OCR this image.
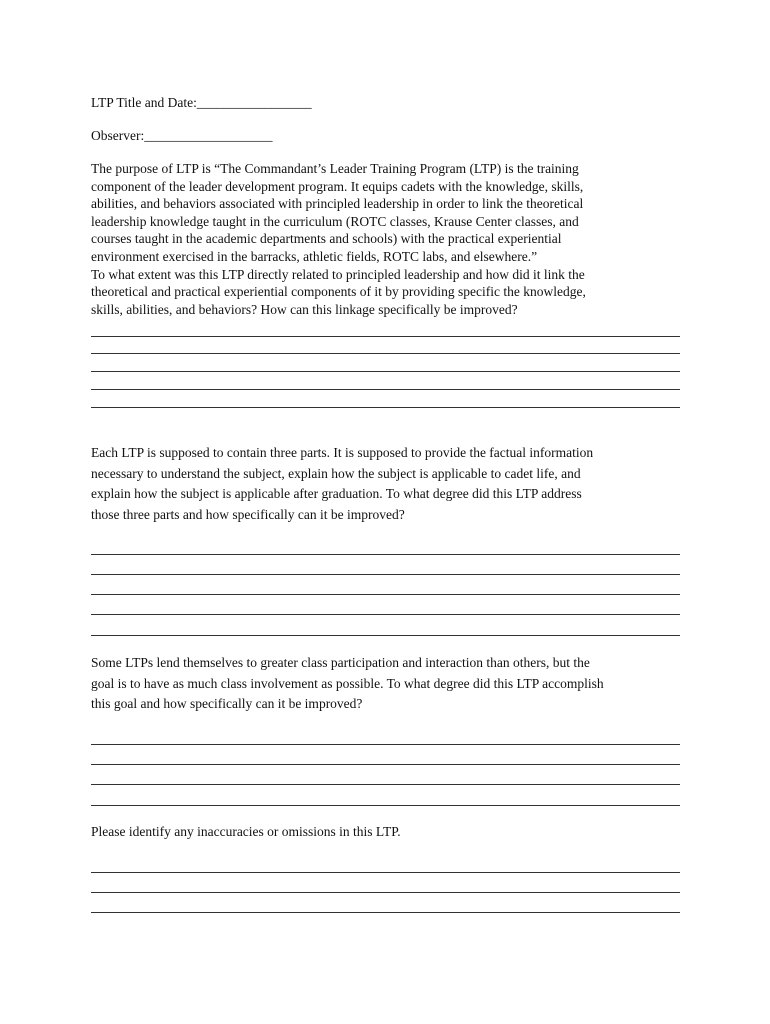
LTP Title and Date:_________________
Observer:___________________

The purpose of LTP is “The Commandant’s Leader Training Program (LTP) is the training

component of the leader development program. It equips cadets with the knowledge, skills,

abilities, and behaviors associated with principled leadership in order to link the theoretical

leadership knowledge taught in the curriculum (ROTC classes, Krause Center classes, and

courses taught in the academic departments and schools) with the practical experiential

environment exercised in the barracks, athletic fields, ROTC labs, and elsewhere.”

To what extent was this LTP directly related to principled leadership and how did it link the

theoretical and practical experiential components of it by providing specific the knowledge,

skills, abilities, and behaviors? How can this linkage specifically be improved?

Each LTP is supposed to contain three parts. It is supposed to provide the factual information

necessary to understand the subject, explain how the subject is applicable to cadet life, and

explain how the subject is applicable after graduation. To what degree did this LTP address

those three parts and how specifically can it be improved?

Some LTPs lend themselves to greater class participation and interaction than others, but the

goal is to have as much class involvement as possible. To what degree did this LTP accomplish

this goal and how specifically can it be improved?

Please identify any inaccuracies or omissions in this LTP.
